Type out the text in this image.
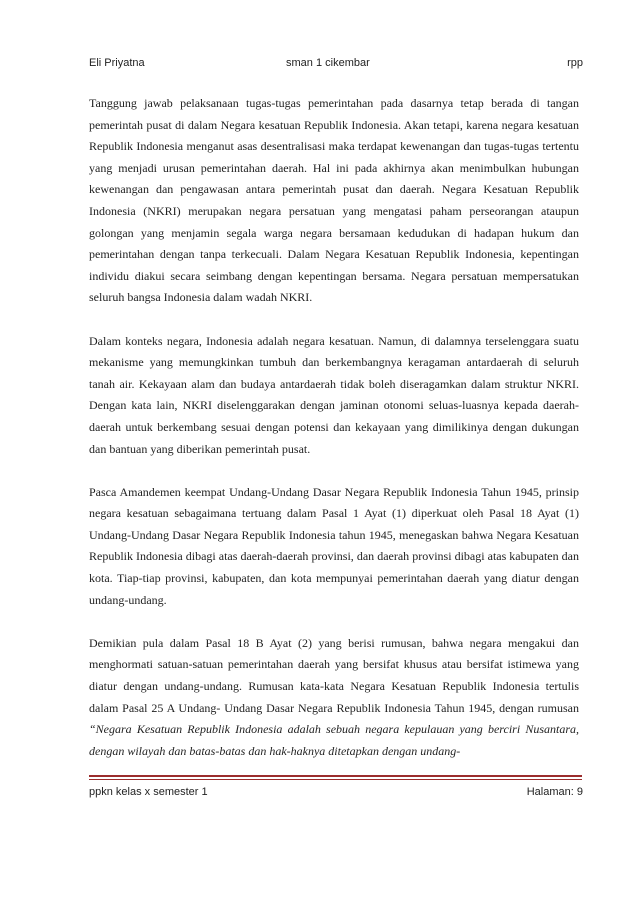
Eli Priyatna	sman 1 cikembar	rpp

Tanggung jawab pelaksanaan tugas-tugas pemerintahan pada dasarnya tetap berada di tangan pemerintah pusat di dalam Negara kesatuan Republik Indonesia. Akan tetapi, karena negara kesatuan Republik Indonesia menganut asas desentralisasi maka terdapat kewenangan dan tugas-tugas tertentu yang menjadi urusan pemerintahan daerah. Hal ini pada akhirnya akan menimbulkan hubungan kewenangan dan pengawasan antara pemerintah pusat dan daerah. Negara Kesatuan Republik Indonesia (NKRI) merupakan negara persatuan yang mengatasi paham perseorangan ataupun golongan yang menjamin segala warga negara bersamaan kedudukan di hadapan hukum dan pemerintahan dengan tanpa terkecuali. Dalam Negara Kesatuan Republik Indonesia, kepentingan individu diakui secara seimbang dengan kepentingan bersama. Negara persatuan mempersatukan seluruh bangsa Indonesia dalam wadah NKRI.

Dalam konteks negara, Indonesia adalah negara kesatuan. Namun, di dalamnya terselenggara suatu mekanisme yang memungkinkan tumbuh dan berkembangnya keragaman antardaerah di seluruh tanah air. Kekayaan alam dan budaya antardaerah tidak boleh diseragamkan dalam struktur NKRI. Dengan kata lain, NKRI diselenggarakan dengan jaminan otonomi seluas-luasnya kepada daerah- daerah untuk berkembang sesuai dengan potensi dan kekayaan yang dimilikinya dengan dukungan dan bantuan yang diberikan pemerintah pusat.

Pasca Amandemen keempat Undang-Undang Dasar Negara Republik Indonesia Tahun 1945, prinsip negara kesatuan sebagaimana tertuang dalam Pasal 1 Ayat (1) diperkuat oleh Pasal 18 Ayat (1) Undang-Undang Dasar Negara Republik Indonesia tahun 1945, menegaskan bahwa Negara Kesatuan Republik Indonesia dibagi atas daerah-daerah provinsi, dan daerah provinsi dibagi atas kabupaten dan kota. Tiap-tiap provinsi, kabupaten, dan kota mempunyai pemerintahan daerah yang diatur dengan undang-undang.

Demikian pula dalam Pasal 18 B Ayat (2) yang berisi rumusan, bahwa negara mengakui dan menghormati satuan-satuan pemerintahan daerah yang bersifat khusus atau bersifat istimewa yang diatur dengan undang-undang. Rumusan kata-kata Negara Kesatuan Republik Indonesia tertulis dalam Pasal 25 A Undang- Undang Dasar Negara Republik Indonesia Tahun 1945, dengan rumusan “Negara Kesatuan Republik Indonesia adalah sebuah negara kepulauan yang berciri Nusantara, dengan wilayah dan batas-batas dan hak-haknya ditetapkan dengan undang-

ppkn kelas x semester 1	Halaman: 9
